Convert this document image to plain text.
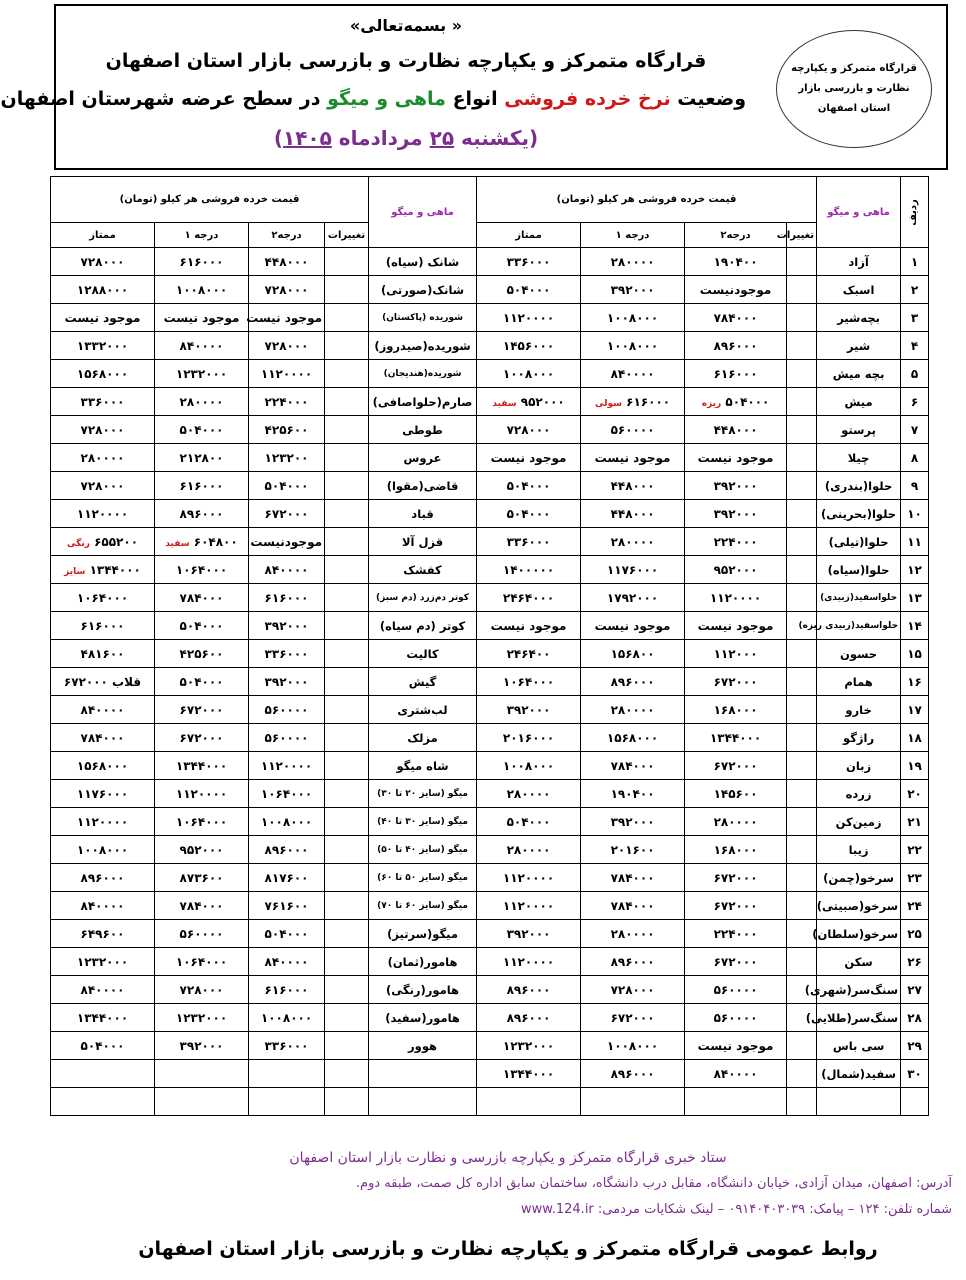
« بسمه‌تعالی»
قرارگاه متمرکز و یکپارچه نظارت و بازرسی بازار استان اصفهان
وضعیت نرخ خرده فروشی انواع ماهی و میگو در سطح عرضه شهرستان اصفهان
(یکشنبه ۲۵ مردادماه ۱۴۰۵)
قرارگاه متمرکز و یکپارچه
نظارت و بازرسی بازار
استان اصفهان
ردیف	ماهی و میگو	قیمت خرده فروشی هر کیلو (تومان)				ماهی و میگو	قیمت خرده فروشی هر کیلو (تومان)			
		تغییرات	درجه۲	درجه ۱	ممتاز		تغییرات	درجه۲	درجه ۱	ممتاز
۱	آزاد		۱۹۰۴۰۰	۲۸۰۰۰۰	۳۳۶۰۰۰	شانک (سیاه)		۴۴۸۰۰۰	۶۱۶۰۰۰	۷۲۸۰۰۰
۲	اسبک		موجودنیست	۳۹۲۰۰۰	۵۰۴۰۰۰	شانک(صورتی)		۷۲۸۰۰۰	۱۰۰۸۰۰۰	۱۲۸۸۰۰۰
۳	بچه‌شیر		۷۸۴۰۰۰	۱۰۰۸۰۰۰	۱۱۲۰۰۰۰	شوریده (پاکستان)		موجود نیست	موجود نیست	موجود نیست
۴	شیر		۸۹۶۰۰۰	۱۰۰۸۰۰۰	۱۴۵۶۰۰۰	شوریده(صیدروز)		۷۲۸۰۰۰	۸۴۰۰۰۰	۱۳۳۲۰۰۰
۵	بچه میش		۶۱۶۰۰۰	۸۴۰۰۰۰	۱۰۰۸۰۰۰	شوریده(هندیجان)		۱۱۲۰۰۰۰	۱۲۳۲۰۰۰	۱۵۶۸۰۰۰
۶	میش		۵۰۴۰۰۰ ریزه	۶۱۶۰۰۰ سولی	۹۵۲۰۰۰ سفید	صارم(حلواصافی)		۲۲۴۰۰۰	۲۸۰۰۰۰	۳۳۶۰۰۰
۷	پرستو		۴۴۸۰۰۰	۵۶۰۰۰۰	۷۲۸۰۰۰	طوطی		۴۲۵۶۰۰	۵۰۴۰۰۰	۷۲۸۰۰۰
۸	چیلا		موجود نیست	موجود نیست	موجود نیست	عروس		۱۲۳۲۰۰	۲۱۲۸۰۰	۲۸۰۰۰۰
۹	حلوا(بندری)		۳۹۲۰۰۰	۴۴۸۰۰۰	۵۰۴۰۰۰	قاضی(مقوا)		۵۰۴۰۰۰	۶۱۶۰۰۰	۷۲۸۰۰۰
۱۰	حلوا(بحرینی)		۳۹۲۰۰۰	۴۴۸۰۰۰	۵۰۴۰۰۰	قباد		۶۷۲۰۰۰	۸۹۶۰۰۰	۱۱۲۰۰۰۰
۱۱	حلوا(تیلی)		۲۲۴۰۰۰	۲۸۰۰۰۰	۳۳۶۰۰۰	قزل آلا		موجودنیست	۶۰۴۸۰۰ سفید	۶۵۵۲۰۰ رنگی
۱۲	حلوا(سیاه)		۹۵۲۰۰۰	۱۱۷۶۰۰۰	۱۴۰۰۰۰۰	کفشک		۸۴۰۰۰۰	۱۰۶۴۰۰۰	۱۳۴۴۰۰۰ سایز
۱۳	حلواسفید(زبیدی)		۱۱۲۰۰۰۰	۱۷۹۲۰۰۰	۲۴۶۴۰۰۰	کوتر دم‌زرد (دم سبز)		۶۱۶۰۰۰	۷۸۴۰۰۰	۱۰۶۴۰۰۰
۱۴	حلواسفید(زبیدی ریزه)		موجود نیست	موجود نیست	موجود نیست	کوتر (دم سیاه)		۳۹۲۰۰۰	۵۰۴۰۰۰	۶۱۶۰۰۰
۱۵	حسون		۱۱۲۰۰۰	۱۵۶۸۰۰	۲۴۶۴۰۰	کالیت		۳۳۶۰۰۰	۴۲۵۶۰۰	۴۸۱۶۰۰
۱۶	همام		۶۷۲۰۰۰	۸۹۶۰۰۰	۱۰۶۴۰۰۰	گیش		۳۹۲۰۰۰	۵۰۴۰۰۰	قلاب ۶۷۲۰۰۰
۱۷	خارو		۱۶۸۰۰۰	۲۸۰۰۰۰	۳۹۲۰۰۰	لب‌شتری		۵۶۰۰۰۰	۶۷۲۰۰۰	۸۴۰۰۰۰
۱۸	راژگو		۱۳۴۴۰۰۰	۱۵۶۸۰۰۰	۲۰۱۶۰۰۰	مزلک		۵۶۰۰۰۰	۶۷۲۰۰۰	۷۸۴۰۰۰
۱۹	زبان		۶۷۲۰۰۰	۷۸۴۰۰۰	۱۰۰۸۰۰۰	شاه میگو		۱۱۲۰۰۰۰	۱۳۴۴۰۰۰	۱۵۶۸۰۰۰
۲۰	زرده		۱۴۵۶۰۰	۱۹۰۴۰۰	۲۸۰۰۰۰	میگو (سایز ۲۰ تا ۳۰)		۱۰۶۴۰۰۰	۱۱۲۰۰۰۰	۱۱۷۶۰۰۰
۲۱	زمین‌کن		۲۸۰۰۰۰	۳۹۲۰۰۰	۵۰۴۰۰۰	میگو (سایز ۳۰ تا ۴۰)		۱۰۰۸۰۰۰	۱۰۶۴۰۰۰	۱۱۲۰۰۰۰
۲۲	زیبا		۱۶۸۰۰۰	۲۰۱۶۰۰	۲۸۰۰۰۰	میگو (سایز ۴۰ تا ۵۰)		۸۹۶۰۰۰	۹۵۲۰۰۰	۱۰۰۸۰۰۰
۲۳	سرخو(چمن)		۶۷۲۰۰۰	۷۸۴۰۰۰	۱۱۲۰۰۰۰	میگو (سایز ۵۰ تا ۶۰)		۸۱۷۶۰۰	۸۷۳۶۰۰	۸۹۶۰۰۰
۲۴	سرخو(صبیتی)		۶۷۲۰۰۰	۷۸۴۰۰۰	۱۱۲۰۰۰۰	میگو (سایز ۶۰ تا ۷۰)		۷۶۱۶۰۰	۷۸۴۰۰۰	۸۴۰۰۰۰
۲۵	سرخو(سلطان)		۲۲۴۰۰۰	۲۸۰۰۰۰	۳۹۲۰۰۰	میگو(سرتیز)		۵۰۴۰۰۰	۵۶۰۰۰۰	۶۴۹۶۰۰
۲۶	سکن		۶۷۲۰۰۰	۸۹۶۰۰۰	۱۱۲۰۰۰۰	هامور(ثمان)		۸۴۰۰۰۰	۱۰۶۴۰۰۰	۱۲۳۲۰۰۰
۲۷	سنگ‌سر(شهری)		۵۶۰۰۰۰	۷۲۸۰۰۰	۸۹۶۰۰۰	هامور(رنگی)		۶۱۶۰۰۰	۷۲۸۰۰۰	۸۴۰۰۰۰
۲۸	سنگ‌سر(طلایی)		۵۶۰۰۰۰	۶۷۲۰۰۰	۸۹۶۰۰۰	هامور(سفید)		۱۰۰۸۰۰۰	۱۲۳۲۰۰۰	۱۳۴۴۰۰۰
۲۹	سی باس		موجود نیست	۱۰۰۸۰۰۰	۱۲۳۲۰۰۰	هوور		۳۳۶۰۰۰	۳۹۲۰۰۰	۵۰۴۰۰۰
۳۰	سفید(شمال)		۸۴۰۰۰۰	۸۹۶۰۰۰	۱۳۴۴۰۰۰					

ستاد خبری قرارگاه متمرکز و یکپارچه بازرسی و نظارت بازار استان اصفهان
آدرس: اصفهان، میدان آزادی، خیابان دانشگاه، مقابل درب دانشگاه، ساختمان سابق اداره کل صمت، طبقه دوم.
شماره تلفن: ۱۲۴ – پیامک: ۰۹۱۴۰۴۰۳۰۳۹ – لینک شکایات مردمی: www.124.ir
روابط عمومی قرارگاه متمرکز و یکپارچه نظارت و بازرسی بازار استان اصفهان
